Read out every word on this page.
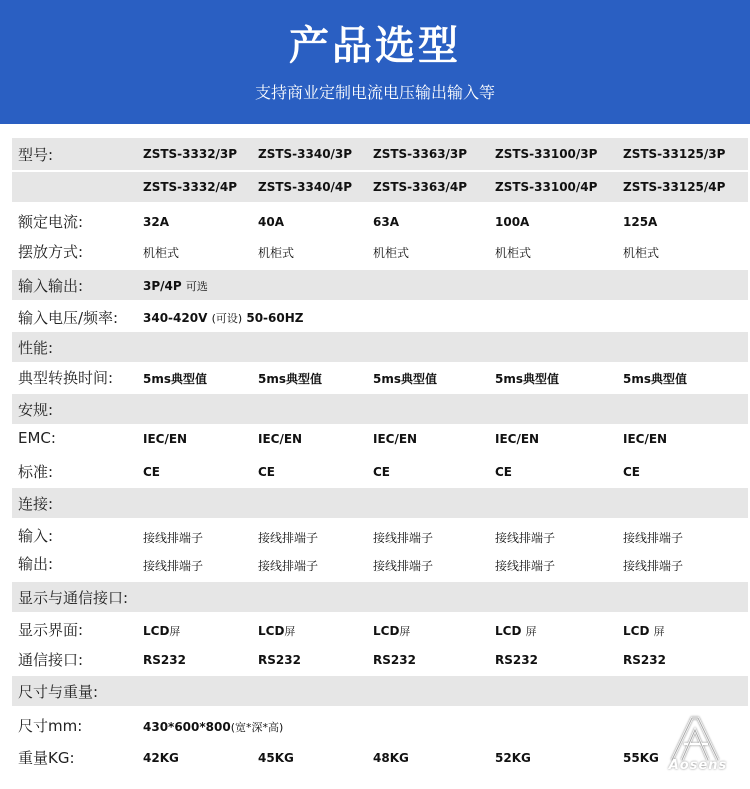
产品选型
支持商业定制电流电压输出输入等
型号:	ZSTS-3332/3P ZSTS-3340/3P ZSTS-3363/3P ZSTS-33100/3P ZSTS-33125/3P
ZSTS-3332/4P ZSTS-3340/4P ZSTS-3363/4P ZSTS-33100/4P ZSTS-33125/4P
额定电流:	32A	40A	63A	100A	125A
摆放方式:	机柜式	机柜式	机柜式	机柜式	机柜式
输入输出:	3P/4P 可选
输入电压/频率: 340-420V (可设) 50-60HZ
性能:
典型转换时间: 5ms典型值	5ms典型值	5ms典型值	5ms典型值	5ms典型值
安规:
EMC:	IEC/EN	IEC/EN	IEC/EN	IEC/EN	IEC/EN
标准:	CE	CE	CE	CE	CE
连接:
输入:	接线排端子	接线排端子	接线排端子	接线排端子	接线排端子
输出:	接线排端子	接线排端子	接线排端子	接线排端子	接线排端子
显示与通信接口:
显示界面:	LCD屏	LCD屏	LCD屏	LCD 屏	LCD 屏
通信接口:	RS232	RS232	RS232	RS232	RS232
尺寸与重量:
尺寸mm:	430*600*800(宽*深*高)
重量KG:	42KG	45KG	48KG	52KG	55KG Aosens
